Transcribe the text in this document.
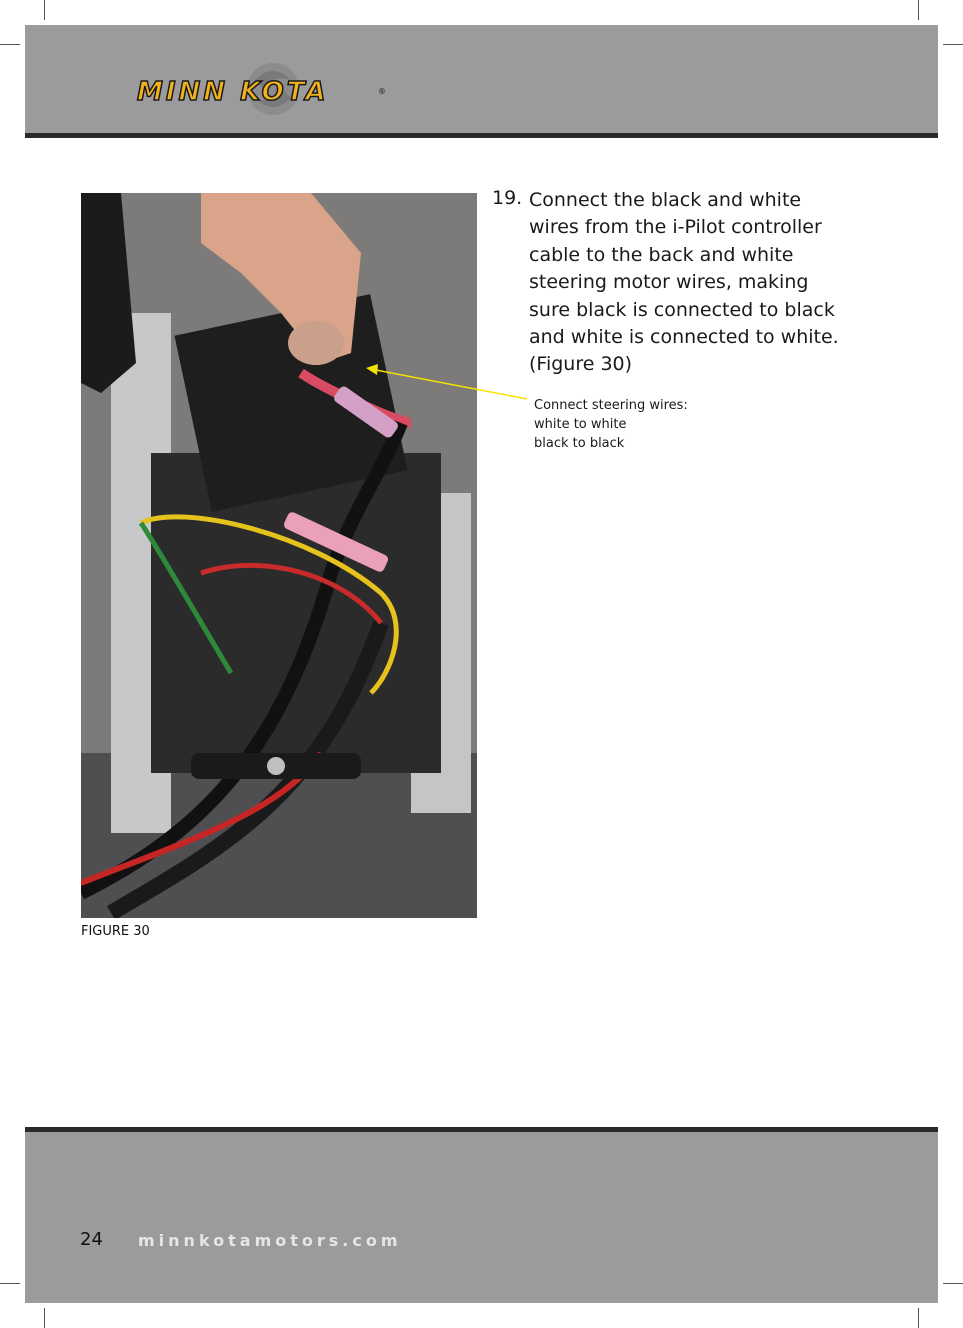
MINN KOTA	®
FIGURE 30
19. Connect the black and white wires from the i-Pilot controller cable to the back and white steering motor wires, making sure black is connected to black and white is connected to white. (Figure 30)
Connect steering wires:
white to white
black to black
24 minnkotamotors.com
